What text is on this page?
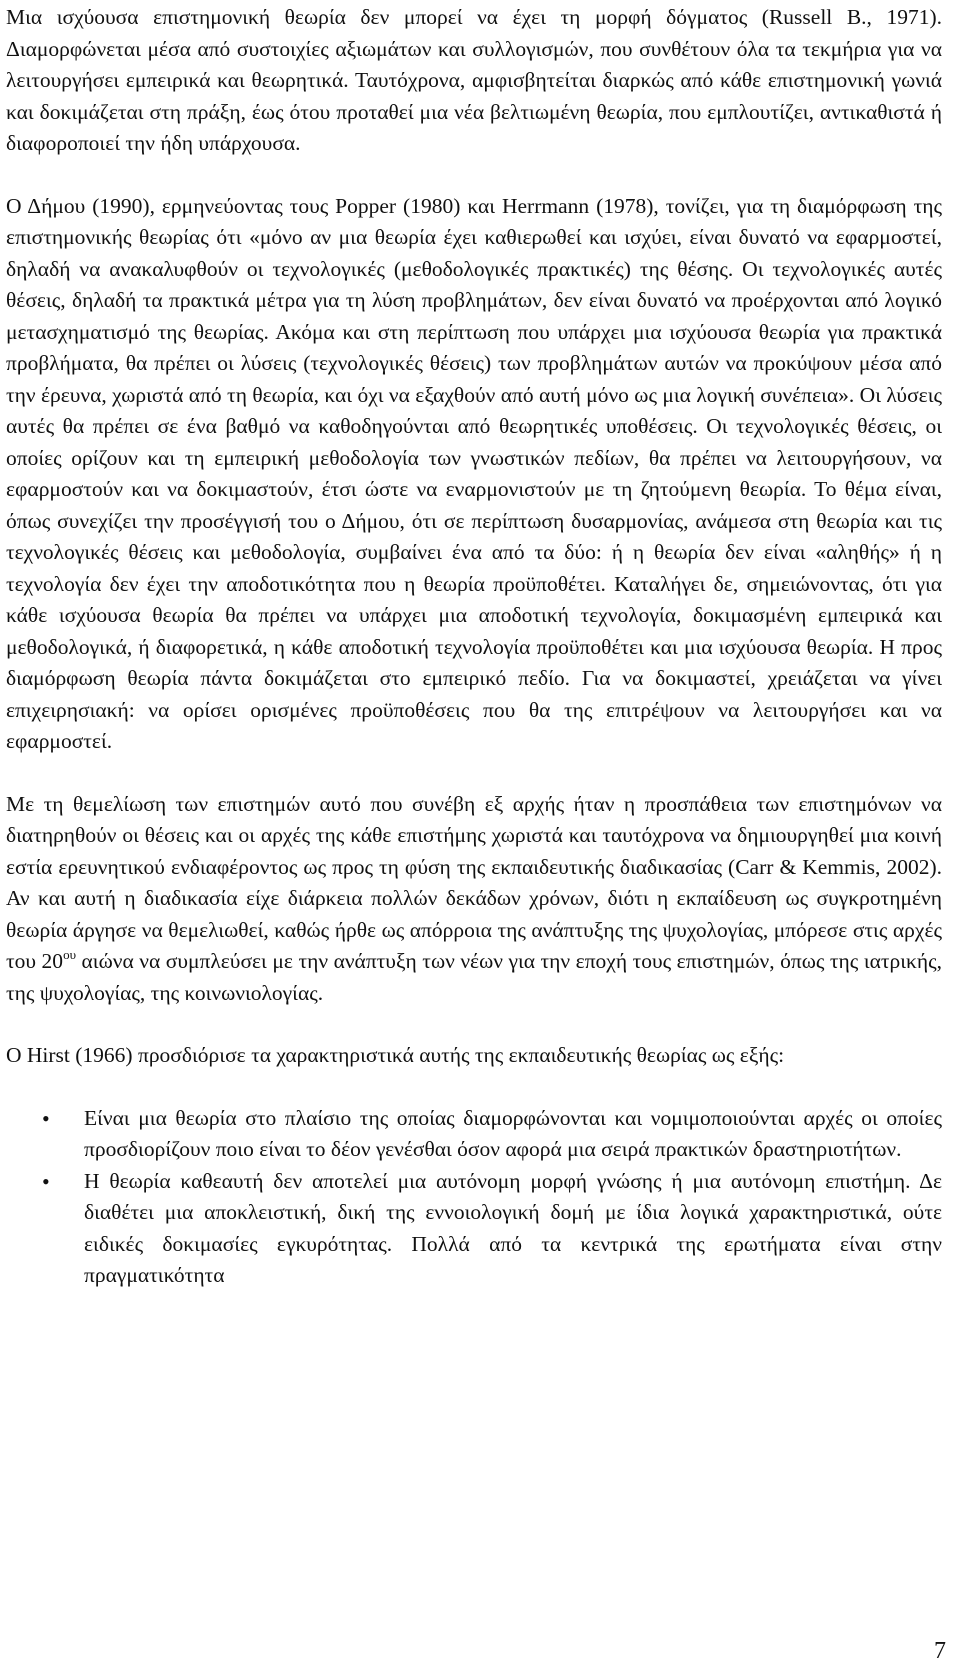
Μια ισχύουσα επιστημονική θεωρία δεν μπορεί να έχει τη μορφή δόγματος (Russell B., 1971). Διαμορφώνεται μέσα από συστοιχίες αξιωμάτων και συλλογισμών, που συνθέτουν όλα τα τεκμήρια για να λειτουργήσει εμπειρικά και θεωρητικά. Ταυτόχρονα, αμφισβητείται διαρκώς από κάθε επιστημονική γωνιά και δοκιμάζεται στη πράξη, έως ότου προταθεί μια νέα βελτιωμένη θεωρία, που εμπλουτίζει, αντικαθιστά ή διαφοροποιεί την ήδη υπάρχουσα.

Ο Δήμου (1990), ερμηνεύοντας τους Popper (1980) και Herrmann (1978), τονίζει, για τη διαμόρφωση της επιστημονικής θεωρίας ότι «μόνο αν μια θεωρία έχει καθιερωθεί και ισχύει, είναι δυνατό να εφαρμοστεί, δηλαδή να ανακαλυφθούν οι τεχνολογικές (μεθοδολογικές πρακτικές) της θέσης. Οι τεχνολογικές αυτές θέσεις, δηλαδή τα πρακτικά μέτρα για τη λύση προβλημάτων, δεν είναι δυνατό να προέρχονται από λογικό μετασχηματισμό της θεωρίας. Ακόμα και στη περίπτωση που υπάρχει μια ισχύουσα θεωρία για πρακτικά προβλήματα, θα πρέπει οι λύσεις (τεχνολογικές θέσεις) των προβλημάτων αυτών να προκύψουν μέσα από την έρευνα, χωριστά από τη θεωρία, και όχι να εξαχθούν από αυτή μόνο ως μια λογική συνέπεια». Οι λύσεις αυτές θα πρέπει σε ένα βαθμό να καθοδηγούνται από θεωρητικές υποθέσεις. Οι τεχνολογικές θέσεις, οι οποίες ορίζουν και τη εμπειρική μεθοδολογία των γνωστικών πεδίων, θα πρέπει να λειτουργήσουν, να εφαρμοστούν και να δοκιμαστούν, έτσι ώστε να εναρμονιστούν με τη ζητούμενη θεωρία. Το θέμα είναι, όπως συνεχίζει την προσέγγισή του ο Δήμου, ότι σε περίπτωση δυσαρμονίας, ανάμεσα στη θεωρία και τις τεχνολογικές θέσεις και μεθοδολογία, συμβαίνει ένα από τα δύο: ή η θεωρία δεν είναι «αληθής» ή η τεχνολογία δεν έχει την αποδοτικότητα που η θεωρία προϋποθέτει. Καταλήγει δε, σημειώνοντας, ότι για κάθε ισχύουσα θεωρία θα πρέπει να υπάρχει μια αποδοτική τεχνολογία, δοκιμασμένη εμπειρικά και μεθοδολογικά, ή διαφορετικά, η κάθε αποδοτική τεχνολογία προϋποθέτει και μια ισχύουσα θεωρία. Η προς διαμόρφωση θεωρία πάντα δοκιμάζεται στο εμπειρικό πεδίο. Για να δοκιμαστεί, χρειάζεται να γίνει επιχειρησιακή: να ορίσει ορισμένες προϋποθέσεις που θα της επιτρέψουν να λειτουργήσει και να εφαρμοστεί.

Με τη θεμελίωση των επιστημών αυτό που συνέβη εξ αρχής ήταν η προσπάθεια των επιστημόνων να διατηρηθούν οι θέσεις και οι αρχές της κάθε επιστήμης χωριστά και ταυτόχρονα να δημιουργηθεί μια κοινή εστία ερευνητικού ενδιαφέροντος ως προς τη φύση της εκπαιδευτικής διαδικασίας (Carr & Kemmis, 2002). Αν και αυτή η διαδικασία είχε διάρκεια πολλών δεκάδων χρόνων, διότι η εκπαίδευση ως συγκροτημένη θεωρία άργησε να θεμελιωθεί, καθώς ήρθε ως απόρροια της ανάπτυξης της ψυχολογίας, μπόρεσε στις αρχές του $20^{o\upsilon}$ αιώνα να συμπλεύσει με την ανάπτυξη των νέων για την εποχή τους επιστημών, όπως της ιατρικής, της ψυχολογίας, της κοινωνιολογίας.

Ο Hirst (1966) προσδιόρισε τα χαρακτηριστικά αυτής της εκπαιδευτικής θεωρίας ως εξής:

• Είναι μια θεωρία στο πλαίσιο της οποίας διαμορφώνονται και νομιμοποιούνται αρχές οι οποίες προσδιορίζουν ποιο είναι το δέον γενέσθαι όσον αφορά μια σειρά πρακτικών δραστηριοτήτων.
• Η θεωρία καθεαυτή δεν αποτελεί μια αυτόνομη μορφή γνώσης ή μια αυτόνομη επιστήμη. Δε διαθέτει μια αποκλειστική, δική της εννοιολογική δομή με ίδια λογικά χαρακτηριστικά, ούτε ειδικές δοκιμασίες εγκυρότητας. Πολλά από τα κεντρικά της ερωτήματα είναι στην πραγματικότητα
7
